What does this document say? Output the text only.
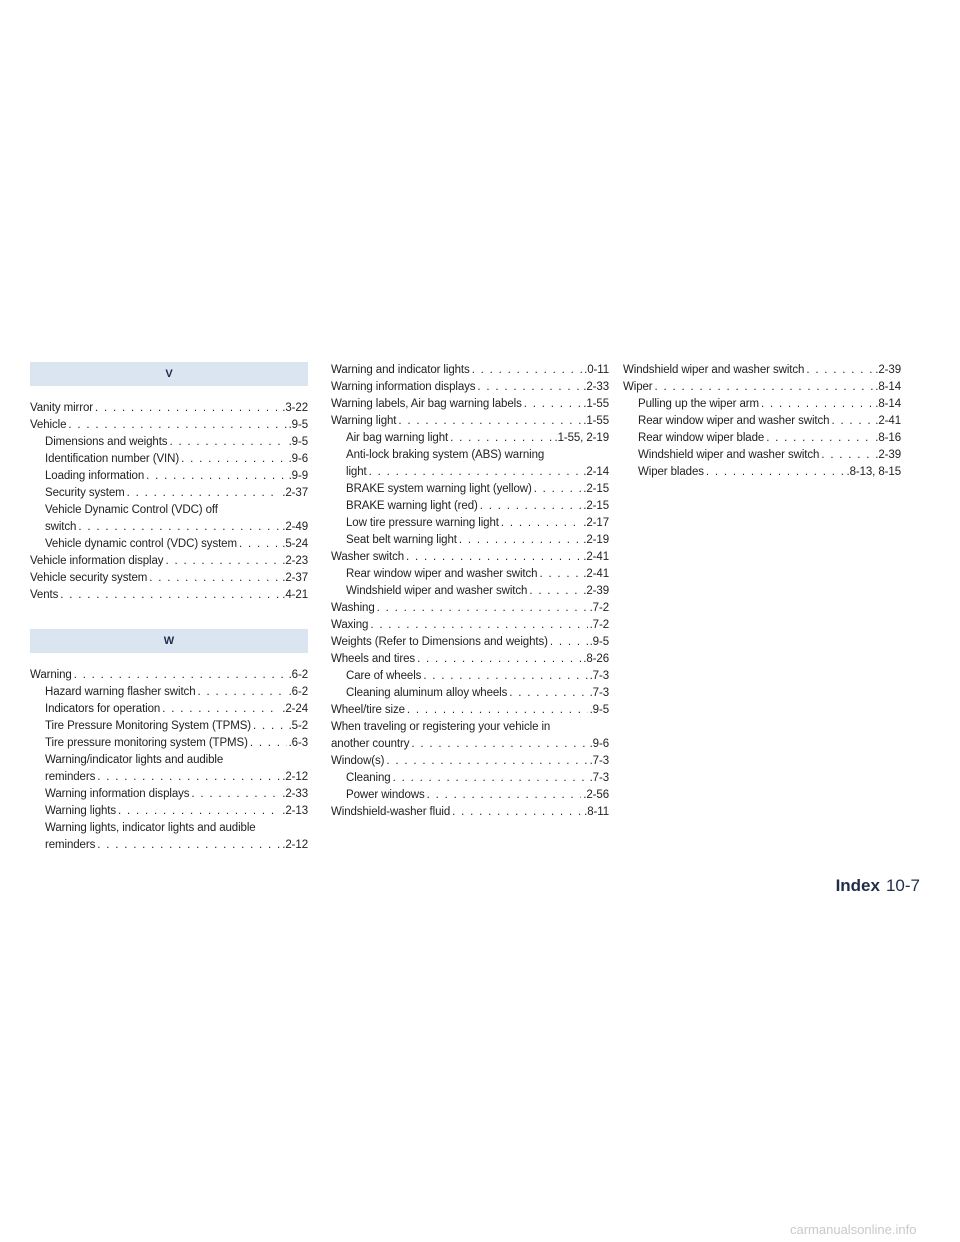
V
Vanity mirror . . .	.3-22
Vehicle . . .	.9-5
Dimensions and weights . . .	.9-5
Identification number (VIN) . . .	.9-6
Loading information . . .	.9-9
Security system . . .	.2-37
Vehicle Dynamic Control (VDC) off
switch . . .	.2-49
Vehicle dynamic control (VDC) system . . .	.5-24
Vehicle information display . . .	.2-23
Vehicle security system . . .	.2-37
Vents . . .	.4-21
W
Warning . . .	.6-2
Hazard warning flasher switch . . .	.6-2
Indicators for operation . . .	.2-24
Tire Pressure Monitoring System (TPMS) . . .	.5-2
Tire pressure monitoring system (TPMS) . . .	.6-3
Warning/indicator lights and audible
reminders . . .	.2-12
Warning information displays . . .	.2-33
Warning lights . . .	.2-13
Warning lights, indicator lights and audible
reminders . . .	.2-12
Warning and indicator lights . . .	.0-11
Warning information displays . . .	.2-33
Warning labels, Air bag warning labels . . .	.1-55
Warning light . . .	.1-55
Air bag warning light . . .	.1-55, 2-19
Anti-lock braking system (ABS) warning
light . . .	.2-14
BRAKE system warning light (yellow) . . .	.2-15
BRAKE warning light (red) . . .	.2-15
Low tire pressure warning light . . .	.2-17
Seat belt warning light . . .	.2-19
Washer switch . . .	.2-41
Rear window wiper and washer switch . . .	.2-41
Windshield wiper and washer switch . . .	.2-39
Washing . . .	.7-2
Waxing . . .	.7-2
Weights (Refer to Dimensions and weights) . . .	.9-5
Wheels and tires . . .	.8-26
Care of wheels . . .	.7-3
Cleaning aluminum alloy wheels . . .	.7-3
Wheel/tire size . . .	.9-5
When traveling or registering your vehicle in
another country . . .	.9-6
Window(s) . . .	.7-3
Cleaning . . .	.7-3
Power windows . . .	.2-56
Windshield-washer fluid . . .	.8-11
Windshield wiper and washer switch . . .	.2-39
Wiper . . .	.8-14
Pulling up the wiper arm . . .	.8-14
Rear window wiper and washer switch . . .	.2-41
Rear window wiper blade . . .	.8-16
Windshield wiper and washer switch . . .	.2-39
Wiper blades . . .	.8-13, 8-15
Index 10-7
carmanualsonline.info
